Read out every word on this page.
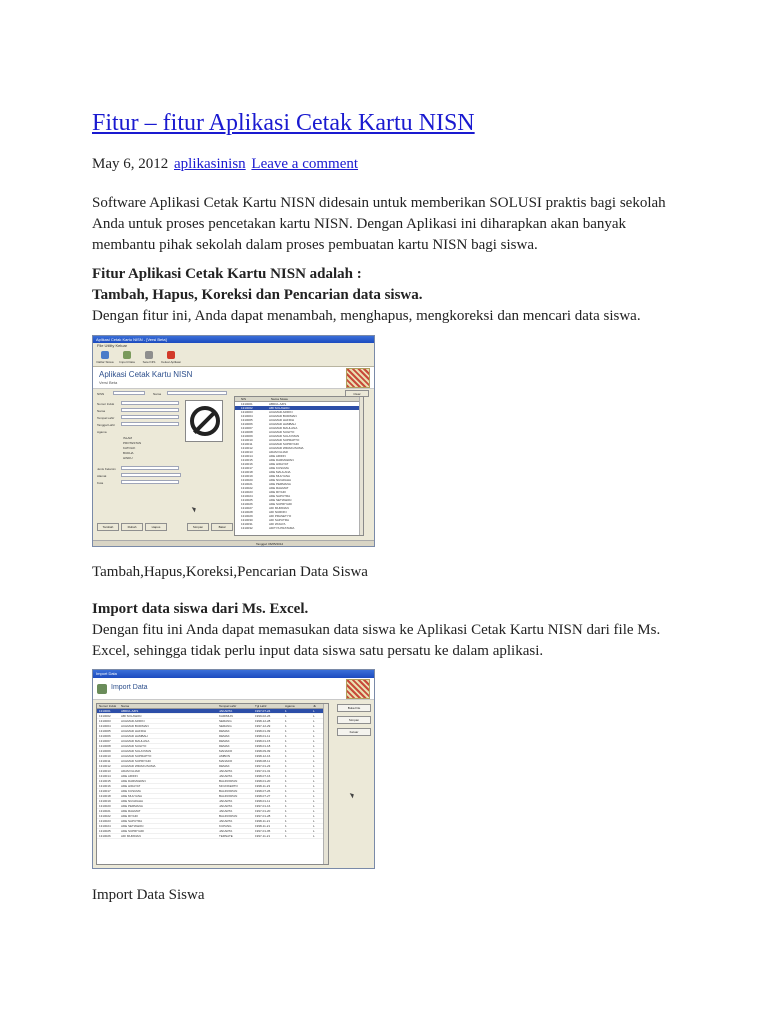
Fitur – fitur Aplikasi Cetak Kartu NISN
May 6, 2012 aplikasinisn Leave a comment
Software Aplikasi Cetak Kartu NISN didesain untuk memberikan SOLUSI praktis bagi sekolah
Anda untuk proses pencetakan kartu NISN. Dengan Aplikasi ini diharapkan akan banyak
membantu pihak sekolah dalam proses pembuatan kartu NISN bagi siswa.
Fitur Aplikasi Cetak Kartu NISN adalah :
Tambah, Hapus, Koreksi dan Pencarian data siswa.
Dengan fitur ini, Anda dapat menambah, menghapus, mengkoreksi dan mencari data siswa.
Aplikasi Cetak Kartu NISN - [Versi Beta]
File Utility Keluar
Daftar Siswa	Import Data	Setel NIS	Keluar Aplikasi
Aplikasi Cetak Kartu NISN
Versi Beta
NISN	Nama	Clear
Nomor Induk
Nama
Tempat Lahir
Tanggal Lahir
Agama
Jenis Kelamin
Alamat
Kota
ISLAM
PROTESTAN
KATOLIK
BUDHA
HINDU
NIS	Nama Siswa
1310001	ABDUL AZIS
1310002	ABI SOLAWAN
1310003	ACHMAD ARIFIN
1310004	ACHMAD BUDIMAN
1310005	ACHMAD HAFIDH
1310006	ACHMAD HAMBALI
1310007	ACHMAD MAULANA
1310008	ACHMAD SUGITO
1310009	ACHMAD SULAYMAN
1310010	ACHMAD SUPRAPTO
1310011	ACHMAD SUPRIYADI
1310012	ACHMAD WIRAKUSUMA
1310013	ADAM FAJAR
1310014	ADE ARIFIN
1310015	ADE DARMAWAN
1310016	ADE HIDAYAT
1310017	ADE KUSUMA
1310018	ADE MAULANA
1310019	ADE MULYANA
1310020	ADE NUGRAHA
1310021	ADE PERMANA
1310022	ADE RAHMAT
1310023	ADE RIYADI
1310024	ADE SAPUTRA
1310025	ADE SETIAWAN
1310026	ADE SUPRIYADI
1310027	ADI MURDIAN
1310028	ADI NURDIN
1310029	ADI PRASETYO
1310030	ADI SAPUTRA
1310031	ADI WIJAYA
1310032	ADITYA PRATAMA
Tambah	Rubah	Hapus	Simpan	Batal
Tanggal: 06/05/2012
Tambah,Hapus,Koreksi,Pencarian Data Siswa
Import data siswa dari Ms. Excel.
Dengan fitu ini Anda dapat memasukan data siswa ke Aplikasi Cetak Kartu NISN dari file Ms.
Excel, sehingga tidak perlu input data siswa satu persatu ke dalam aplikasi.
Import Data
Import Data
Nomor Induk Nama	Tempat Lahir	Tgl Lahir	Agama	Jk
1310001	ABDUL AZIS	JAKARTA	1997-07-24	1	L
1310002	ABI SOLAWAN	KARIMUN	1999-02-26	1	L
1310003	ACHMAD ARIFIN	SERANG	1998-12-28	1	L
1310004	ACHMAD BUDIMAN	SERANG	1997-12-29	1	L
1310005	ACHMAD HAFIDH	DEMAK	1998-01-09	1	L
1310006	ACHMAD HAMBALI	DEMAK	1998-01-11	1	L
1310007	ACHMAD MAULANA	DEMAK	1998-01-15	1	L
1310008	ACHMAD SUGITO	DEMAK	1998-01-18	1	L
1310009	ACHMAD SULAYMAN	MANADO	1998-09-09	1	L
1310010	ACHMAD SUPRAPTO	AMBON	1998-12-16	1	L
1310011	ACHMAD SUPRIYADI	MANADO	1998-08-11	1	L
1310012	ACHMAD WIRAKUSUMA	DEMAK	1997-01-23	1	L
1310013	ADAM FAJAR	JAKARTA	1997-01-31	1	L
1310014	ADE ARIFIN	JAKARTA	1998-07-16	1	L
1310015	ADE DARMAWAN	BALIKPAPAN	1998-01-20	1	L
1310016	ADE HIDAYAT	MOJOKERTO	1998-11-23	1	L
1310017	ADE KUSUMA	BALIKPAPAN	1998-07-26	1	L
1310018	ADE MULYANA	BALIKPAPAN	1998-07-27	1	L
1310019	ADE NUGRAHA	JAKARTA	1998-01-11	1	L
1310020	ADE PERMANA	JAKARTA	1997-01-16	1	L
1310021	ADE RAHMAT	JAKARTA	1997-01-20	1	L
1310022	ADE RIYADI	BALIKPAPAN	1997-01-28	1	L
1310023	ADE SAPUTRA	JAKARTA	1998-11-21	1	L
1310024	ADE SETIAWAN	KUPANG	1998-11-21	1	L
1310025	ADE SUPRIYADI	JAKARTA	1997-01-05	1	L
1310026	ADI MURDIAN	TERNATE	1997-11-21	1	L
Buka File
Simpan
Keluar
Import Data Siswa
